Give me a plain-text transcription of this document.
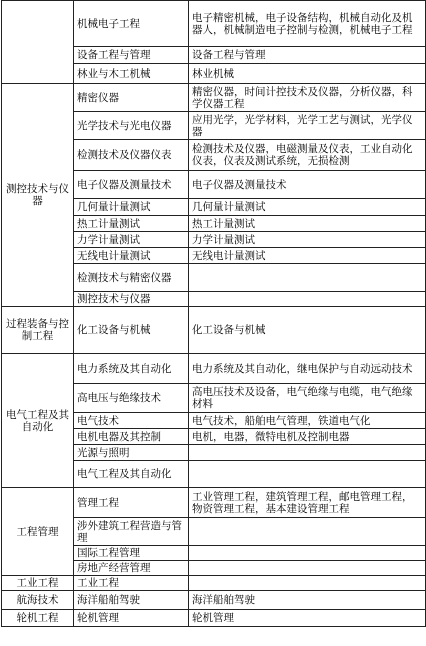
	机械电子工程	电子精密机械，电子设备结构，机械自动化及机器人，机械制造电子控制与检测，机械电子工程
	设备工程与管理	设备工程与管理
	林业与木工机械	林业机械
测控技术与仪器	精密仪器	精密仪器，时间计控技术及仪器，分析仪器，科学仪器工程
	光学技术与光电仪器	应用光学，光学材料，光学工艺与测试，光学仪器
	检测技术及仪器仪表	检测技术及仪器，电磁测量及仪表，工业自动化仪表，仪表及测试系统，无损检测
	电子仪器及测量技术	电子仪器及测量技术
	几何量计量测试	几何量计量测试
	热工计量测试	热工计量测试
	力学计量测试	力学计量测试
	无线电计量测试	无线电计量测试
	检测技术与精密仪器	
	测控技术与仪器	
过程装备与控制工程	化工设备与机械	化工设备与机械
电气工程及其自动化	电力系统及其自动化	电力系统及其自动化，继电保护与自动远动技术
	高电压与绝缘技术	高电压技术及设备，电气绝缘与电缆，电气绝缘材料
	电气技术	电气技术，船舶电气管理，铁道电气化
	电机电器及其控制	电机，电器，微特电机及控制电器
	光源与照明	
	电气工程及其自动化	
工程管理	管理工程	工业管理工程，建筑管理工程，邮电管理工程，物资管理工程，基本建设管理工程
	涉外建筑工程营造与管理	
	国际工程管理	
	房地产经营管理	
工业工程	工业工程	
航海技术	海洋船舶驾驶	海洋船舶驾驶
轮机工程	轮机管理	轮机管理
